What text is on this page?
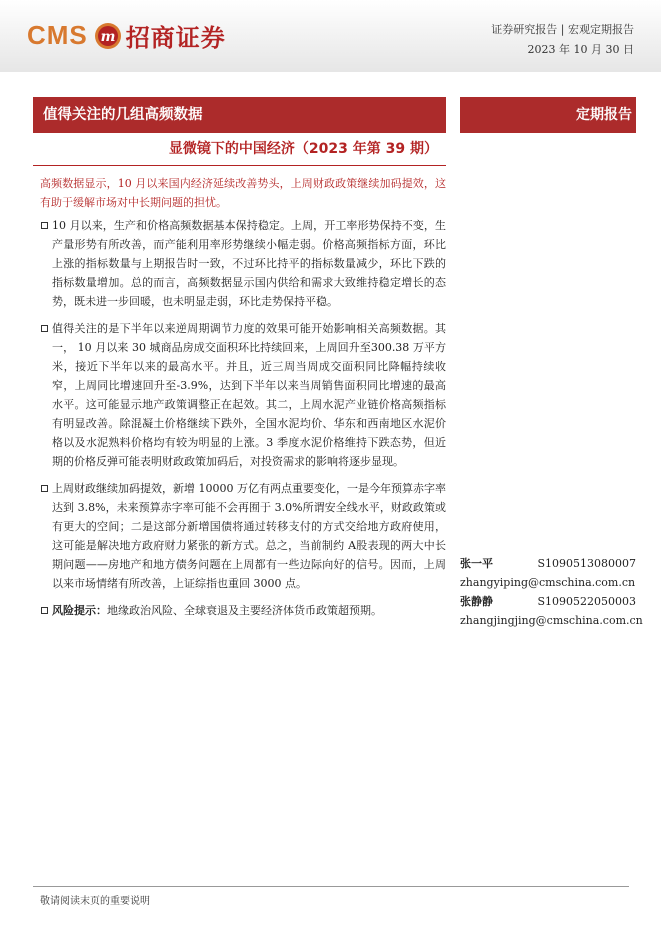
CMS m 招商证券	证券研究报告 | 宏观定期报告
2023 年 10 月 30 日
值得关注的几组高频数据	定期报告
显微镜下的中国经济（2023 年第 39 期）
高频数据显示，10 月以来国内经济延续改善势头，上周财政政策继续加码提效，这有助于缓解市场对中长期问题的担忧。
10 月以来，生产和价格高频数据基本保持稳定。上周，开工率形势保持不变，生产量形势有所改善，而产能利用率形势继续小幅走弱。价格高频指标方面，环比上涨的指标数量与上期报告时一致，不过环比持平的指标数量减少，环比下跌的指标数量增加。总的而言，高频数据显示国内供给和需求大致维持稳定增长的态势，既未进一步回暖，也未明显走弱，环比走势保持平稳。
值得关注的是下半年以来逆周期调节力度的效果可能开始影响相关高频数据。其一， 10 月以来 30 城商品房成交面积环比持续回来，上周回升至300.38 万平方米，接近下半年以来的最高水平。并且，近三周当周成交面积同比降幅持续收窄，上周同比增速回升至-3.9%，达到下半年以来当周销售面积同比增速的最高水平。这可能显示地产政策调整正在起效。其二，上周水泥产业链价格高频指标有明显改善。除混凝土价格继续下跌外，全国水泥均价、华东和西南地区水泥价格以及水泥熟料价格均有较为明显的上涨。3 季度水泥价格维持下跌态势，但近期的价格反弹可能表明财政政策加码后，对投资需求的影响将逐步显现。
上周财政继续加码提效，新增 10000 万亿有两点重要变化，一是今年预算赤字率达到 3.8%，未来预算赤字率可能不会再囿于 3.0%所谓安全线水平，财政政策或有更大的空间；二是这部分新增国债将通过转移支付的方式交给地方政府使用，这可能是解决地方政府财力紧张的新方式。总之，当前制约 A股表现的两大中长期问题——房地产和地方债务问题在上周都有一些边际向好的信号。因而，上周以来市场情绪有所改善，上证综指也重回 3000 点。
风险提示：地缘政治风险、全球衰退及主要经济体货币政策超预期。
张一平	S1090513080007
zhangyiping@cmschina.com.cn
张静静	S1090522050003
zhangjingjing@cmschina.com.cn
敬请阅读末页的重要说明
